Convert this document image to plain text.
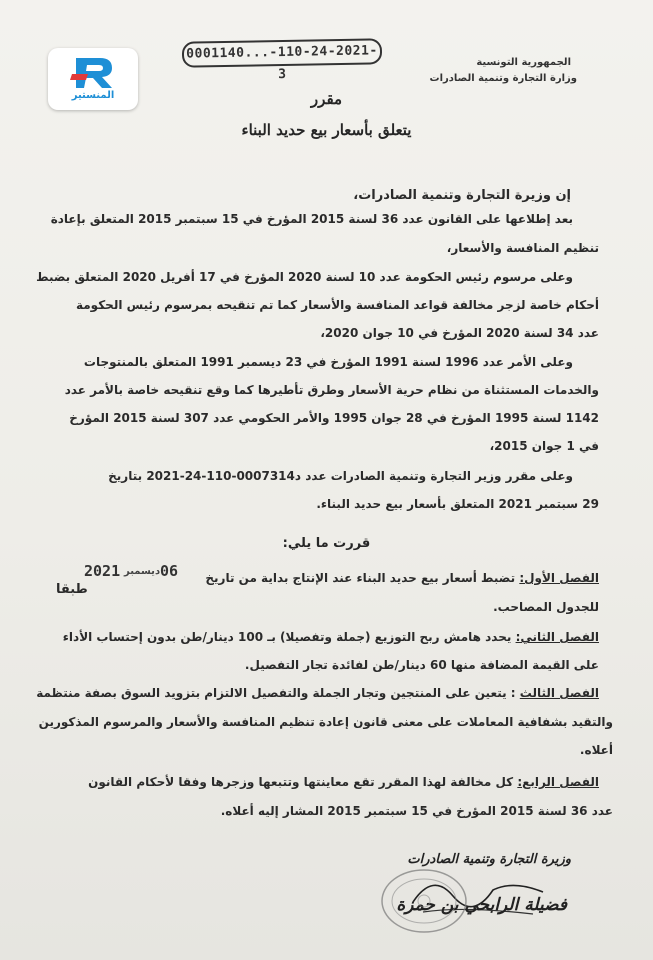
المنستير
0001140...-110-24-2021-3
الجمهورية التونسية
وزارة التجارة وتنمية الصادرات
مقرر
يتعلق بأسعار بيع حديد البناء
إن وزيرة التجارة وتنمية الصادرات،
بعد إطلاعها على القانون عدد 36 لسنة 2015 المؤرخ في 15 سبتمبر 2015 المتعلق بإعادة
تنظيم المنافسة والأسعار،
وعلى مرسوم رئيس الحكومة عدد 10 لسنة 2020 المؤرخ في 17 أفريل 2020 المتعلق بضبط
أحكام خاصة لزجر مخالفة قواعد المنافسة والأسعار كما تم تنقيحه بمرسوم رئيس الحكومة
عدد 34 لسنة 2020 المؤرخ في 10 جوان 2020،
وعلى الأمر عدد 1996 لسنة 1991 المؤرخ في 23 ديسمبر 1991 المتعلق بالمنتوجات
والخدمات المستثناة من نظام حرية الأسعار وطرق تأطيرها كما وقع تنقيحه خاصة بالأمر عدد
1142 لسنة 1995 المؤرخ في 28 جوان 1995 والأمر الحكومي عدد 307 لسنة 2015 المؤرخ
في 1 جوان 2015،
وعلى مقرر وزير التجارة وتنمية الصادرات عدد د0007314-110-24-2021 بتاريخ
29 سبتمبر 2021 المتعلق بأسعار بيع حديد البناء.
قررت ما يلي:
الفصل الأول: تضبط أسعار بيع حديد البناء عند الإنتاج بداية من تاريخ
للجدول المصاحب.
طبقا
2021	06
ديسمبر
الفصل الثاني: يحدد هامش ربح التوزيع (جملة وتفصيلا) بـ 100 دينار/طن بدون إحتساب الأداء
على القيمة المضافة منها 60 دينار/طن لفائدة تجار التفصيل.
الفصل الثالث : يتعين على المنتجين وتجار الجملة والتفصيل الالتزام بتزويد السوق بصفة منتظمة
والتقيد بشفافية المعاملات على معنى قانون إعادة تنظيم المنافسة والأسعار والمرسوم المذكورين
أعلاه.
الفصل الرابع: كل مخالفة لهذا المقرر تقع معاينتها وتتبعها وزجرها وفقا لأحكام القانون
عدد 36 لسنة 2015 المؤرخ في 15 سبتمبر 2015 المشار إليه أعلاه.
وزيرة التجارة وتنمية الصادرات
فضيلة الرابحي بن حمزة
